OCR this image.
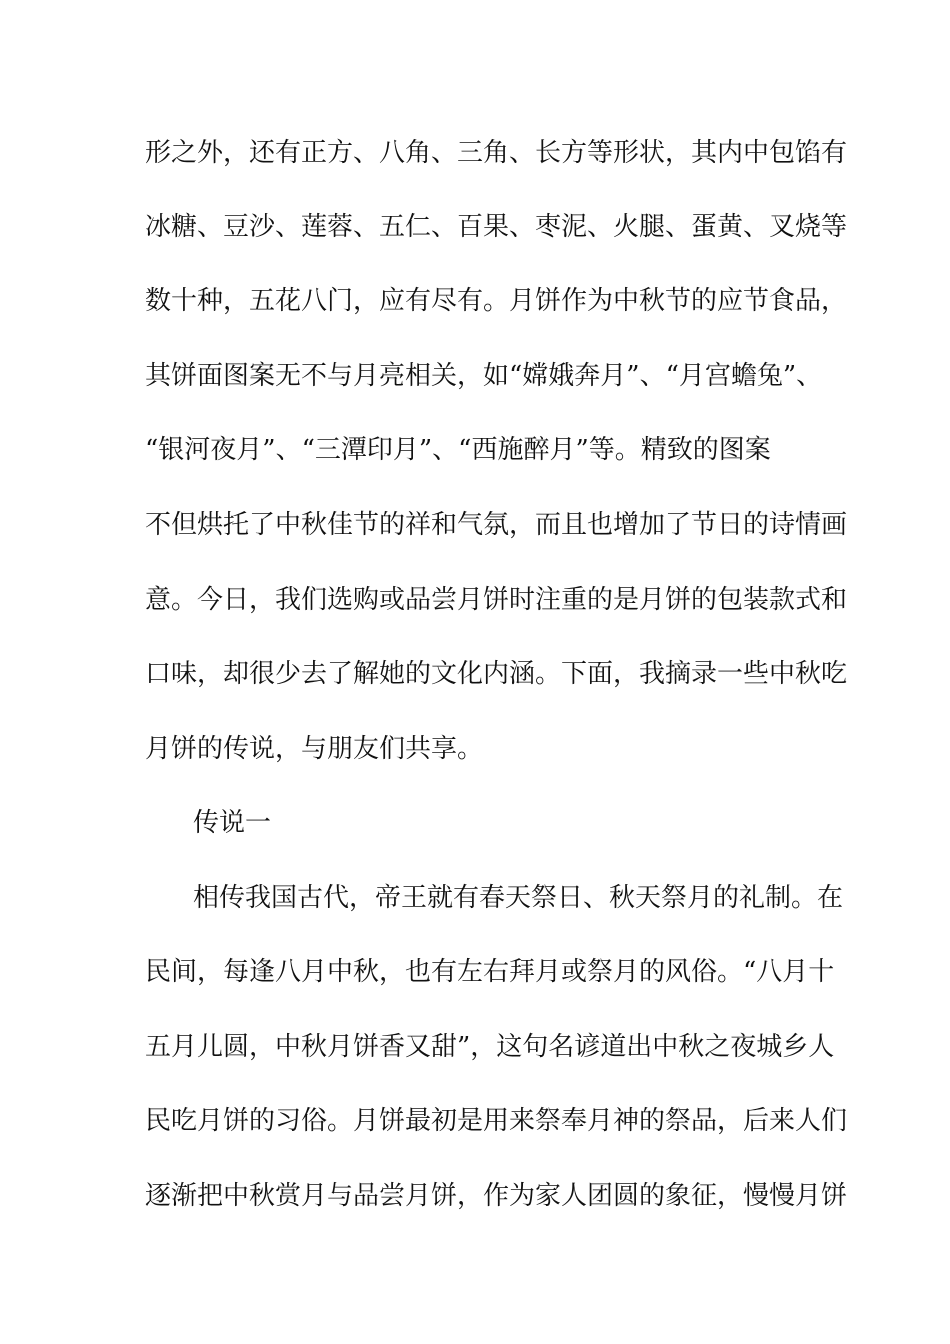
形之外，还有正方、八角、三角、长方等形状，其内中包馅有

冰糖、豆沙、莲蓉、五仁、百果、枣泥、火腿、蛋黄、叉烧等

数十种，五花八门，应有尽有。月饼作为中秋节的应节食品，

其饼面图案无不与月亮相关，如“嫦娥奔月”、“月宫蟾兔”、

“银河夜月”、“三潭印月”、“西施醉月”等。精致的图案

不但烘托了中秋佳节的祥和气氛，而且也增加了节日的诗情画

意。今日，我们选购或品尝月饼时注重的是月饼的包装款式和

口味，却很少去了解她的文化内涵。下面，我摘录一些中秋吃

月饼的传说，与朋友们共享。

传说一

相传我国古代，帝王就有春天祭日、秋天祭月的礼制。在

民间，每逢八月中秋，也有左右拜月或祭月的风俗。“八月十

五月儿圆，中秋月饼香又甜”，这句名谚道出中秋之夜城乡人

民吃月饼的习俗。月饼最初是用来祭奉月神的祭品，后来人们

逐渐把中秋赏月与品尝月饼，作为家人团圆的象征，慢慢月饼
